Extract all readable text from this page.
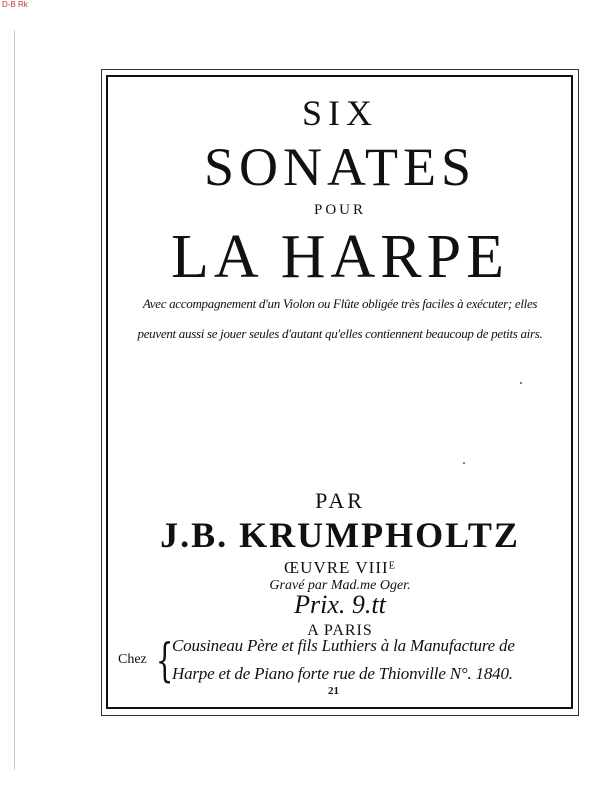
D-B Rk
SIX
SONATES
POUR
LA HARPE
Avec accompagnement d'un Violon ou Flûte obligée très faciles à exécuter; elles
peuvent aussi se jouer seules d'autant qu'elles contiennent beaucoup de petits airs.
PAR
J.B. KRUMPHOLTZ
ŒUVRE VIIIᴱ
Gravé par Mad.me Oger.
Prix. 9.tt
A PARIS
Chez {
Cousineau Père et fils Luthiers à la Manufacture de
Harpe et de Piano forte rue de Thionville N°. 1840.
21
